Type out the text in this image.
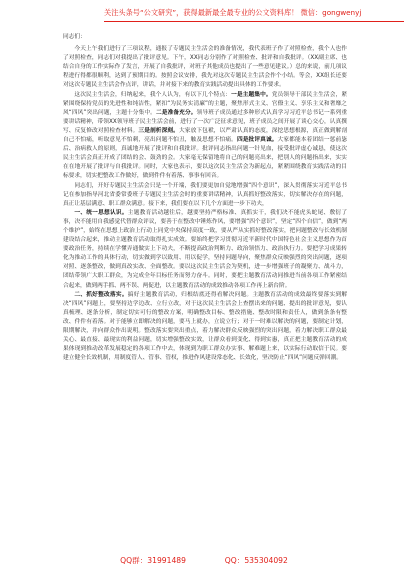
关注头条号“公文研究”，获得最新最全最专业的公文资料库！ 微信：gongwenyj

同志们：

今天上午我们进行了三项议程，通报了专题民主生活会的准备情况，我代表班子作了对照检查，我个人也作了对照检查，同志们对我提出了批评意见。下午，XX同志分别作了对照检查、批评和自我批评。（XX副主席、也结合自身的工作实际作了发言，开展了自我批评，对班子其他成员也提出了一些意见建议。）总的来说，前几项议程进行得都很顺利，达到了预期目的。按照会议安排，我先对这次专题民主生活会作个小结。等会，XX组长还要对这次专题民主生活会作点评，讲话，并对接下来的教育实践活动提出具体的工作要求。

这次民主生活会，归纳起来，我个人认为，有以下几个特点：一是主题集中。党员领导干部民主生活会，紧紧围绕保持党员的先进性和纯洁性，紧扣“为民务实清廉”的主题，聚焦形式主义、官僚主义、享乐主义和奢靡之风“四风”突出问题，主题十分集中。二是准备充分。领导班子成员通过多种形式认真学习习近平总书记一系列重要讲话精神，带领XX领导班子民主生活会前，进行了一次广泛征求意见，班子成员之间开展了谈心交心，认真撰写、反复修改对照检查材料。三是剖析深刻。大家放下包袱，以严肃认真的态度，深挖思想根源，真正做到解剖自己不怕痛，听取意见不怕刺，亮出问题不怕丑，触及思想不怕痛。四是批评真诚。大家都能本着团结一惩前毖后、治病救人的原则，真诚地开展了批评和自我批评。批评同志指出问题一针见血，接受批评虚心诚恳，使这次民主生活会真正开成了团结的会、鼓劲的会。大家毫无保留地将自己的问题亮出来，把别人的问题指出来，实实在在地开展了批评与自我批评。同时，大家也表示，要以这次民主生活会为新起点，紧紧围绕教育实践活动的目标要求，切实把整改工作做好，做到件件有着落、事事有回音。

同志们，开好专题民主生活会只是一个开端，我们要更加自觉地增强“四个意识”，深入贯彻落实习近平总书记在参加指导河北省委常委班子专题民主生活会时的重要讲话精神，认真抓好整改落实，切实解决存在的问题，真正让基层满意、职工群众满意。接下来，我们要在以下几个方面进一步下功夫，

一、统一思想认识。主题教育活动越往后，越要坚持严格标准、真抓实干，我们决不能虎头蛇尾、敷衍了事，决不能用自我感觉代替群众评议，要善于在整改中锤炼作风，要增强“四个意识”，坚定“四个自信”，做到“两个维护”，始终在思想上政治上行动上同党中央保持高度一致，要从严从实抓好整改落实，把问题整改与长效机制建设结合起来，推动主题教育活动取得扎实成效。要始终把学习贯彻习近平新时代中国特色社会主义思想作为首要政治任务，持续在学懂弄通做实上下功夫，不断提高政治判断力、政治领悟力、政治执行力。要把学习成果转化为推动工作的具体行动，切实做到学以致用、用以促学，坚持问题导向，聚焦群众反映强烈的突出问题，逐项对照、逐条整改，做到真改实改、全面整改。要以这次民主生活会为契机，进一步增强班子的凝聚力、战斗力，团结带领广大职工群众，为完成全年目标任务而努力奋斗。同时，要把主题教育活动同推进当前各项工作紧密结合起来，做到两手抓、两不误、两促进，以主题教育活动的成效推动各项工作再上新台阶。

二、抓好整改落实。搞好主题教育活动，归根结底还得看解决问题。主题教育活动的成效最终要落实到解决“四风”问题上，要坚持边学边改、立行立改，对于这次民主生活会上查摆出来的问题、提出的批评意见，要认真梳理、逐条分析，制定切实可行的整改方案，明确整改目标、整改措施、整改时限和责任人，做到条条有整改、件件有着落。对于能够立即解决的问题，要马上就办，立说立行；对于一时难以解决的问题，要制定计划，限期解决，并向群众作出说明。整改落实要突出重点，着力解决群众反映强烈的突出问题，着力解决职工群众最关心、最直接、最现实的利益问题，切实增强整改实效，让群众看到变化、得到实惠，真正把主题教育活动的成果体现到推动改革发展稳定的各项工作中去，体现到为职工群众办实事、解难题上来，以实际行动取信于民。要建立健全长效机制，用制度管人、管事、管权，推进作风建设常态化、长效化，坚决防止“四风”问题反弹回潮。

QQ群：31991489	QQ：535304092
